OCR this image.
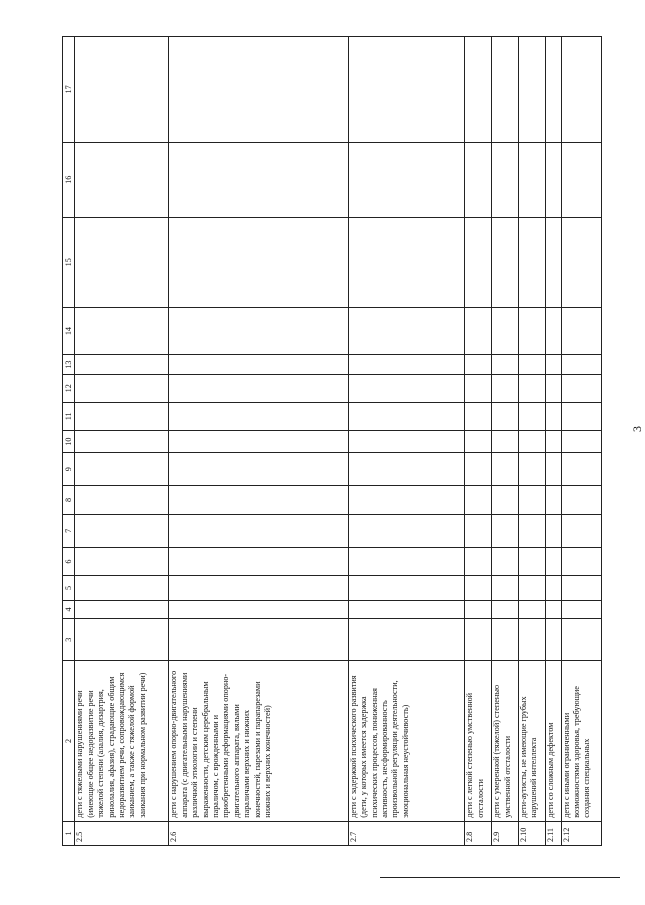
3
1	2	3	4	5	6	7	8	9	10	11	12	13	14	15	16	17
2.5	дети с тяжелыми нарушениями речи (имеющие общее недоразвитие речи тяжелой степени (алалия, дизартрия, ринолалия, афазия), страдающие общим недоразвитием речи, сопровождающимся заиканием, а также с тяжелой формой заикания при нормальном развитии речи)															
2.6	дети с нарушением опорно-двигательного аппарата (с двигательными нарушениями различной этиологии и степени выраженности, детским церебральным параличом, с врожденными и приобретенными деформациями опорно-двигательного аппарата, вялыми параличами верхних и нижних конечностей, парезами и парапарезами нижних и верхних конечностей)															
2.7	дети с задержкой психического развития (дети, у которых имеется задержка психических процессов, пониженная активность, несформированность произвольной регуляции деятельности, эмоциональная неустойчивость)															
2.8	дети с легкой степенью умственной отсталости															
2.9	дети с умеренной (тяжелой) степенью умственной отсталости															
2.10	дети-аутисты, не имеющие грубых нарушений интеллекта															
2.11	дети со сложным дефектом															
2.12	дети с иными ограниченными возможностями здоровья, требующие создания специальных															
